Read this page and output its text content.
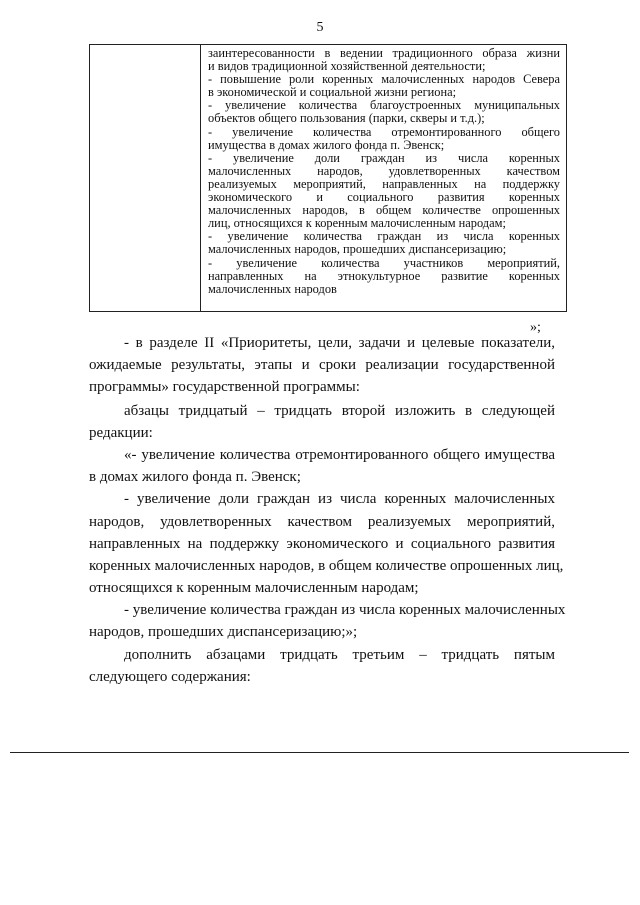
5
заинтересованности в ведении традиционного образа жизни
и видов традиционной хозяйственной деятельности;
- повышение роли коренных малочисленных народов Севера
в экономической и социальной жизни региона;
- увеличение количества благоустроенных муниципальных
объектов общего пользования (парки, скверы и т.д.);
- увеличение количества отремонтированного общего
имущества в домах жилого фонда п. Эвенск;
- увеличение доли граждан из числа коренных
малочисленных народов, удовлетворенных качеством
реализуемых мероприятий, направленных на поддержку
экономического и социального развития коренных
малочисленных народов, в общем количестве опрошенных
лиц, относящихся к коренным малочисленным народам;
- увеличение количества граждан из числа коренных
малочисленных народов, прошедших диспансеризацию;
- увеличение количества участников мероприятий,
направленных на этнокультурное развитие коренных
малочисленных народов
»;
- в разделе II «Приоритеты, цели, задачи и целевые показатели,
ожидаемые результаты, этапы и сроки реализации государственной
программы» государственной программы:
абзацы тридцатый – тридцать второй изложить в следующей
редакции:
«- увеличение количества отремонтированного общего имущества
в домах жилого фонда п. Эвенск;
- увеличение доли граждан из числа коренных малочисленных
народов, удовлетворенных качеством реализуемых мероприятий,
направленных на поддержку экономического и социального развития
коренных малочисленных народов, в общем количестве опрошенных лиц,
относящихся к коренным малочисленным народам;
- увеличение количества граждан из числа коренных малочисленных
народов, прошедших диспансеризацию;»;
дополнить абзацами тридцать третьим – тридцать пятым
следующего содержания:
